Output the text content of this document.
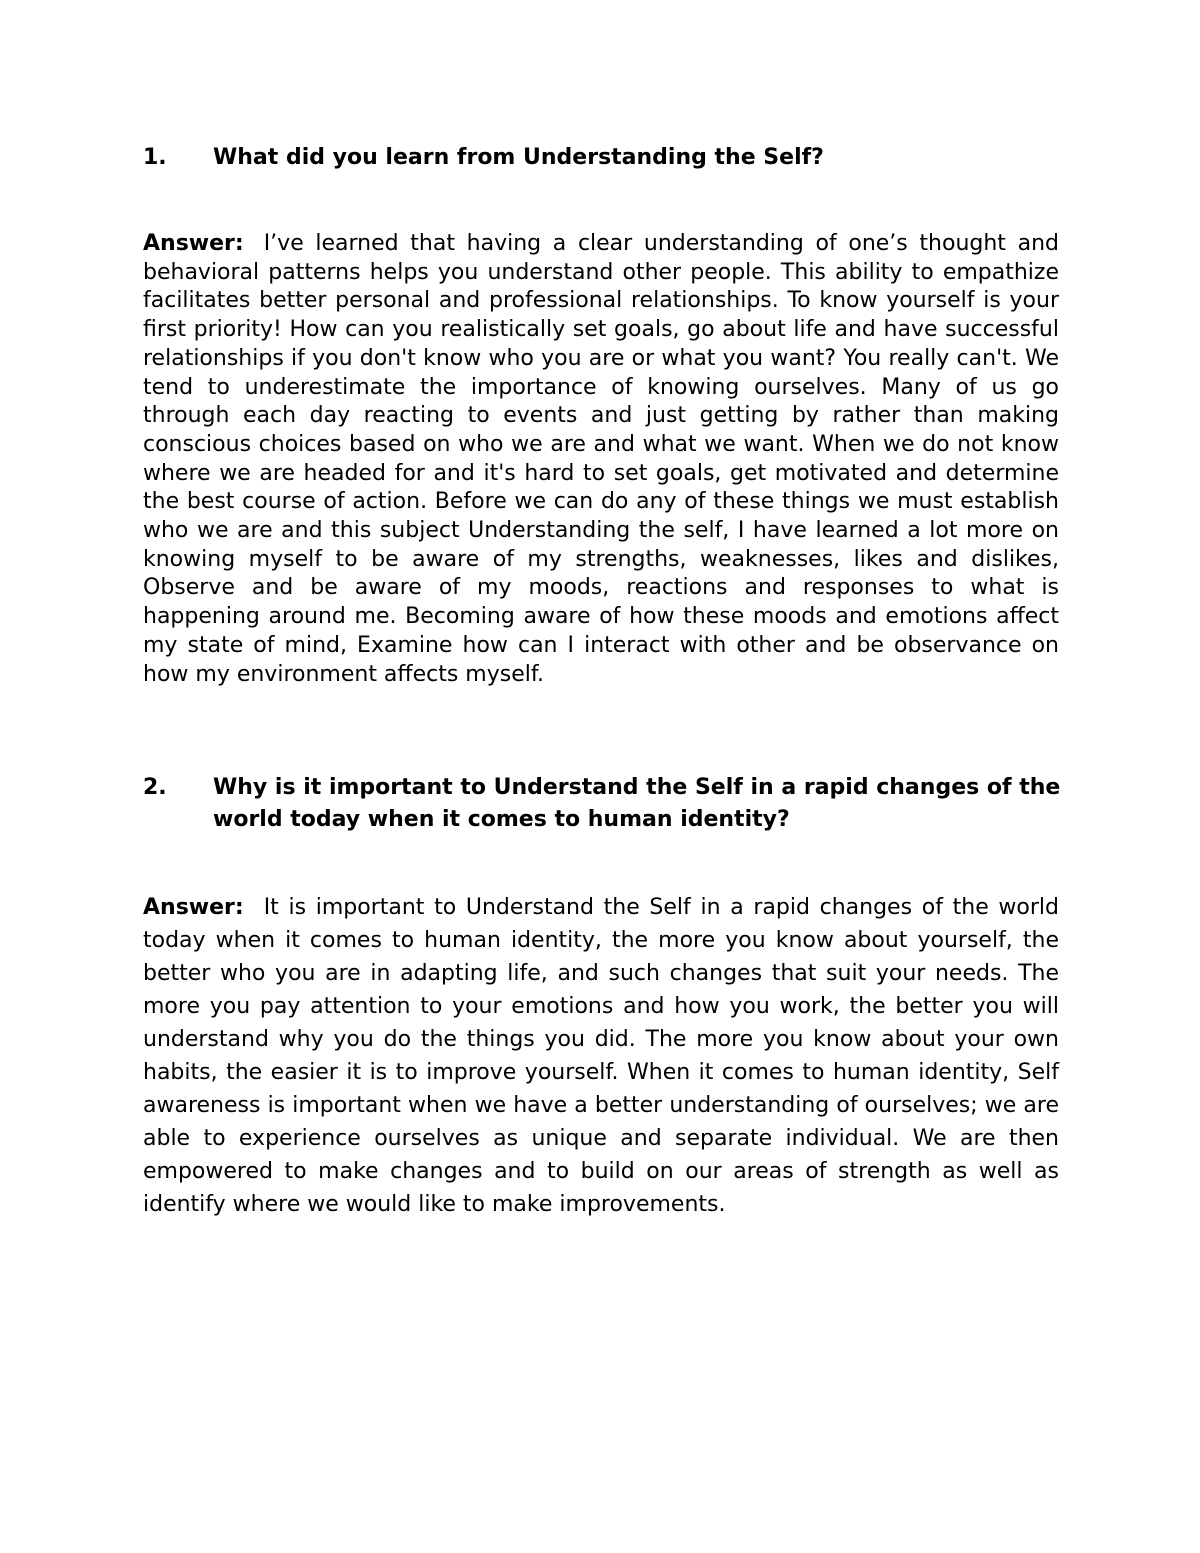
1.	What did you learn from Understanding the Self?

Answer: I’ve learned that having a clear understanding of one’s thought and behavioral patterns helps you understand other people. This ability to empathize facilitates better personal and professional relationships. To know yourself is your first priority! How can you realistically set goals, go about life and have successful relationships if you don't know who you are or what you want? You really can't. We tend to underestimate the importance of knowing ourselves. Many of us go through each day reacting to events and just getting by rather than making conscious choices based on who we are and what we want. When we do not know where we are headed for and it's hard to set goals, get motivated and determine the best course of action. Before we can do any of these things we must establish who we are and this subject Understanding the self, I have learned a lot more on knowing myself to be aware of my strengths, weaknesses, likes and dislikes, Observe and be aware of my moods, reactions and responses to what is happening around me. Becoming aware of how these moods and emotions affect my state of mind, Examine how can I interact with other and be observance on how my environment affects myself.

2.	Why is it important to Understand the Self in a rapid changes of the world today when it comes to human identity?

Answer: It is important to Understand the Self in a rapid changes of the world today when it comes to human identity, the more you know about yourself, the better who you are in adapting life, and such changes that suit your needs. The more you pay attention to your emotions and how you work, the better you will understand why you do the things you did. The more you know about your own habits, the easier it is to improve yourself. When it comes to human identity, Self awareness is important when we have a better understanding of ourselves; we are able to experience ourselves as unique and separate individual. We are then empowered to make changes and to build on our areas of strength as well as identify where we would like to make improvements.
